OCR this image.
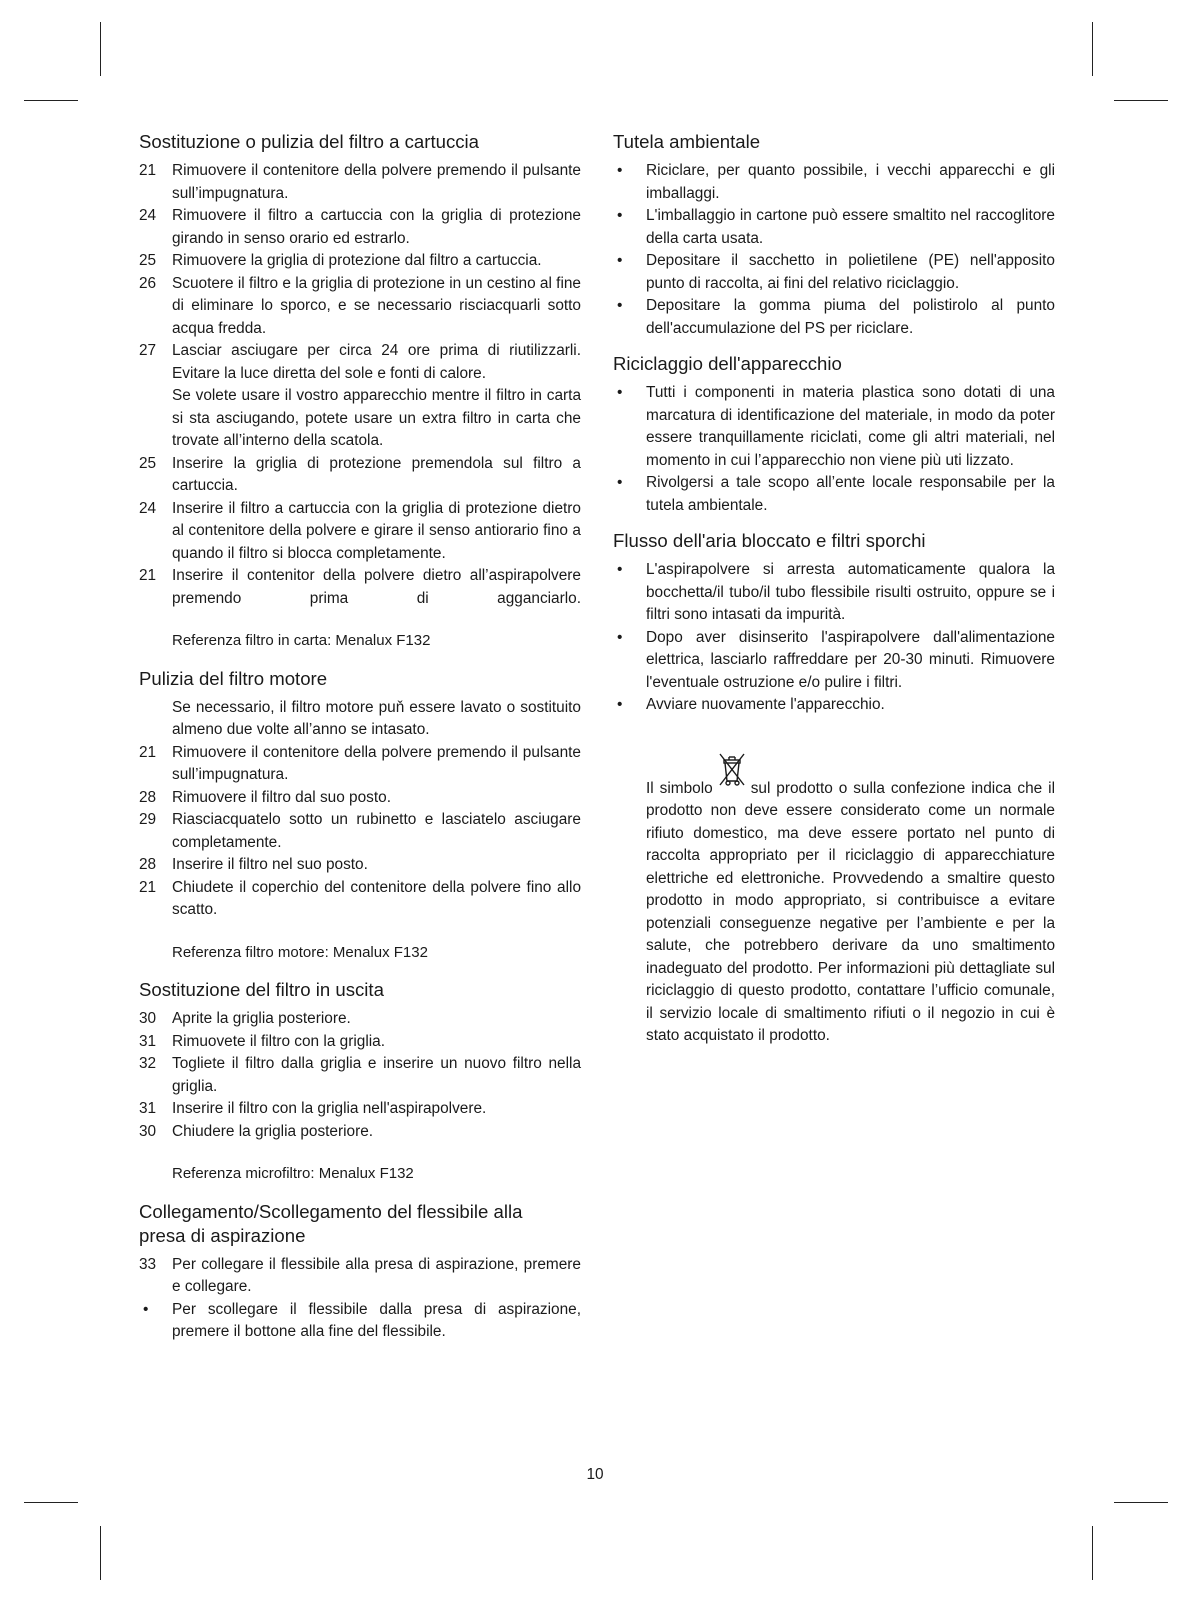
Sostituzione o pulizia del filtro a cartuccia
21	Rimuovere il contenitore della polvere premendo il pulsante sull’impugnatura.
24	Rimuovere il filtro a cartuccia con la griglia di protezione girando in senso orario ed estrarlo.
25	Rimuovere la griglia di protezione dal filtro a cartuccia.
26	Scuotere il filtro e la griglia di protezione in un cestino al fine di eliminare lo sporco, e se necessario risciacquarli sotto acqua fredda.
27	Lasciar asciugare per circa 24 ore prima di riutilizzarli. Evitare la luce diretta del sole e fonti di calore.
Se volete usare il vostro apparecchio mentre il filtro in carta si sta asciugando, potete usare un extra filtro in carta che trovate all’interno della scatola.
25	Inserire la griglia di protezione premendola sul filtro a cartuccia.
24	Inserire il filtro a cartuccia con la griglia di protezione dietro al contenitore della polvere e girare il senso antiorario fino a quando il filtro si blocca completamente.
21	Inserire il contenitor della polvere dietro all’aspirapolvere premendo prima di agganciarlo.
Referenza filtro in carta: Menalux F132
Pulizia del filtro motore
Se necessario, il filtro motore puň essere lavato o sostituito almeno due volte all’anno se intasato.
21	Rimuovere il contenitore della polvere premendo il pulsante sull’impugnatura.
28	Rimuovere il filtro dal suo posto.
29	Riasciacquatelo sotto un rubinetto e lasciatelo asciugare completamente.
28	Inserire il filtro nel suo posto.
21	Chiudete il coperchio del contenitore della polvere fino allo scatto.
Referenza filtro motore: Menalux F132
Sostituzione del filtro in uscita
30	Aprite la griglia posteriore.
31	Rimuovete il filtro con la griglia.
32	Togliete il filtro dalla griglia e inserire un nuovo filtro nella griglia.
31	Inserire il filtro con la griglia nell'aspirapolvere.
30	Chiudere la griglia posteriore.
Referenza microfiltro: Menalux F132
Collegamento/Scollegamento del flessibile alla presa di aspirazione
33	Per collegare il flessibile alla presa di aspirazione, premere e collegare.
•	Per scollegare il flessibile dalla presa di aspirazione, premere il bottone alla fine del flessibile.
Tutela ambientale
•	Riciclare, per quanto possibile, i vecchi apparecchi e gli imballaggi.
•	L'imballaggio in cartone può essere smaltito nel raccoglitore della carta usata.
•	Depositare il sacchetto in polietilene (PE) nell'apposito punto di raccolta, ai fini del relativo riciclaggio.
•	Depositare la gomma piuma del polistirolo al punto dell'accumulazione del PS per riciclare.
Riciclaggio dell'apparecchio
•	Tutti i componenti in materia plastica sono dotati di una marcatura di identificazione del materiale, in modo da poter essere tranquillamente riciclati, come gli altri materiali, nel momento in cui l’apparecchio non viene più uti lizzato.
•	Rivolgersi a tale scopo all’ente locale responsabile per la tutela ambientale.
Flusso dell'aria bloccato e filtri sporchi
•	L'aspirapolvere si arresta automaticamente qualora la bocchetta/il tubo/il tubo flessibile risulti ostruito, oppure se i filtri sono intasati da impurità.
•	Dopo aver disinserito l'aspirapolvere dall'alimentazione elettrica, lasciarlo raffreddare per 20-30 minuti. Rimuovere l'eventuale ostruzione e/o pulire i filtri.
•	Avviare nuovamente l'apparecchio.
Il simbolo sul prodotto o sulla confezione indica che il prodotto non deve essere considerato come un normale rifiuto domestico, ma deve essere portato nel punto di raccolta appropriato per il riciclaggio di apparecchiature elettriche ed elettroniche. Provvedendo a smaltire questo prodotto in modo appropriato, si contribuisce a evitare potenziali conseguenze negative per l’ambiente e per la salute, che potrebbero derivare da uno smaltimento inadeguato del prodotto. Per informazioni più dettagliate sul riciclaggio di questo prodotto, contattare l’ufficio comunale, il servizio locale di smaltimento rifiuti o il negozio in cui è stato acquistato il prodotto.
10
